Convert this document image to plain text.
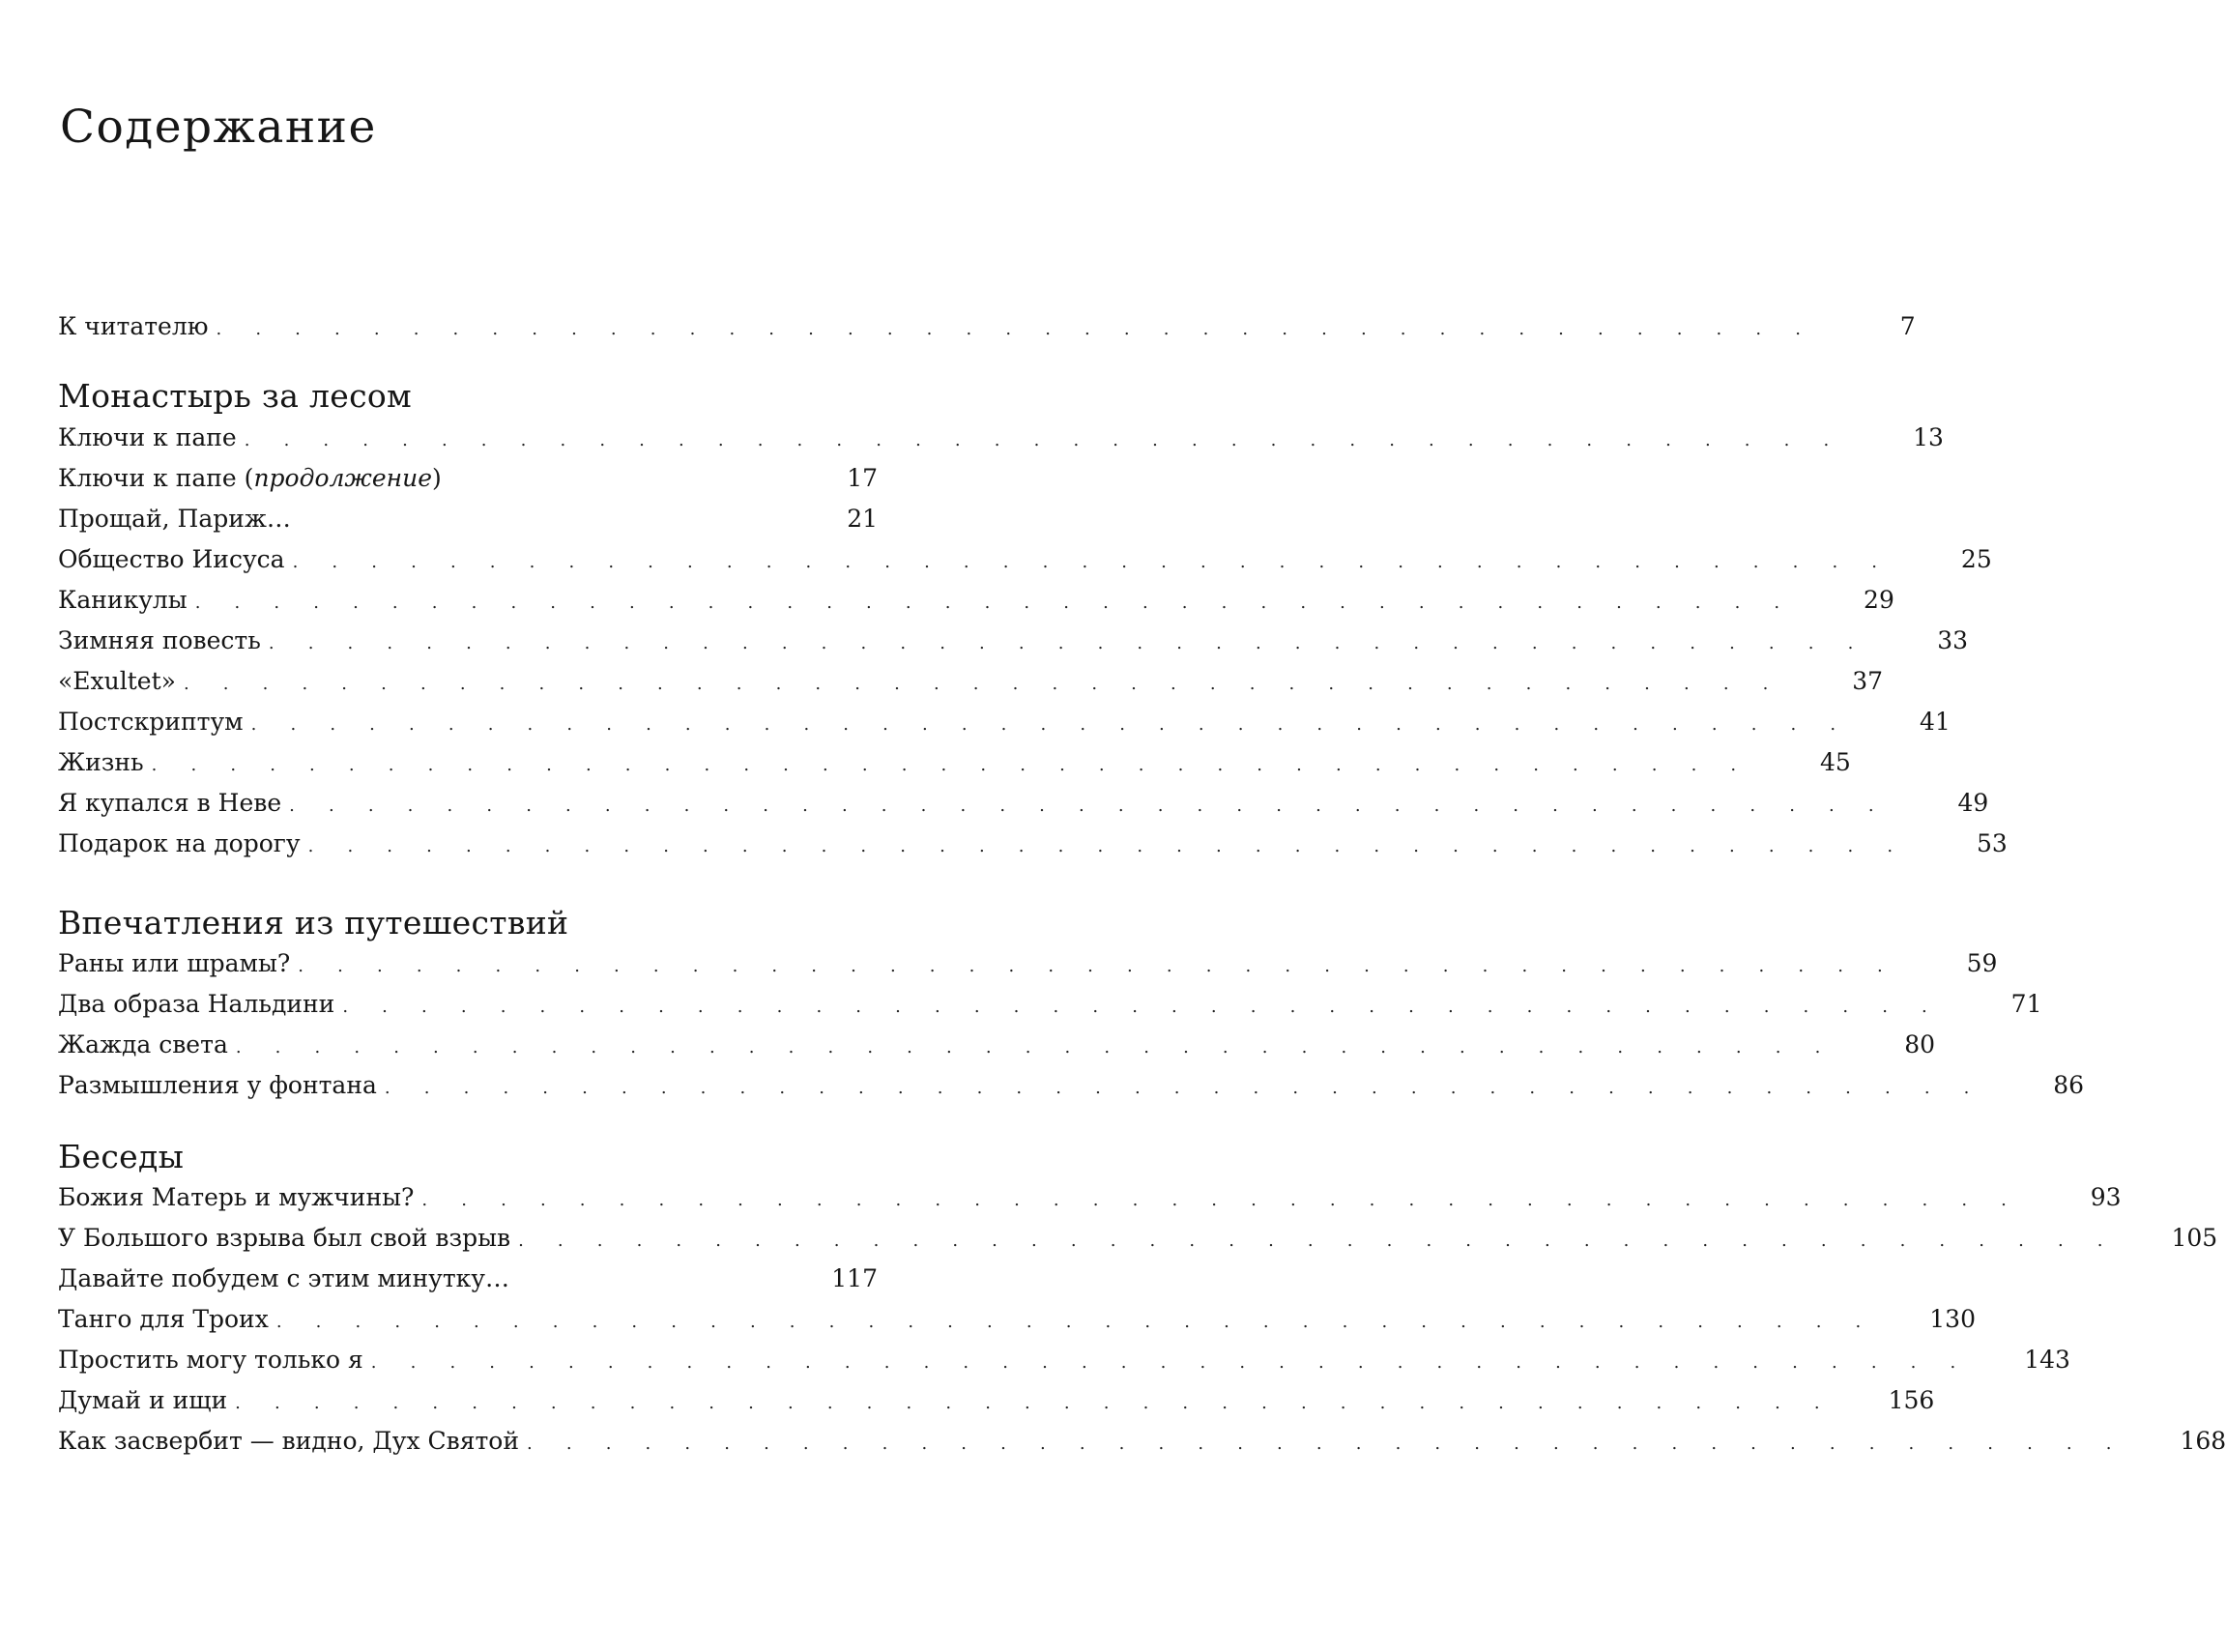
Содержание
К читателю . . . . . . . . . . . . . . . . . . . . . . . . . . . . . . . . . . . . . . . . .	7
Монастырь за лесом
Ключи к папе . . . . . . . . . . . . . . . . . . . . . . . . . . . . . . . . . . . . . . . . .	13
Ключи к папе (продолжение)	17
Прощай, Париж…	21
Общество Иисуса . . . . . . . . . . . . . . . . . . . . . . . . . . . . . . . . . . . . . . . . .	25
Каникулы . . . . . . . . . . . . . . . . . . . . . . . . . . . . . . . . . . . . . . . . .	29
Зимняя повесть . . . . . . . . . . . . . . . . . . . . . . . . . . . . . . . . . . . . . . . . .	33
«Exultet» . . . . . . . . . . . . . . . . . . . . . . . . . . . . . . . . . . . . . . . . .	37
Постскриптум . . . . . . . . . . . . . . . . . . . . . . . . . . . . . . . . . . . . . . . . .	41
Жизнь . . . . . . . . . . . . . . . . . . . . . . . . . . . . . . . . . . . . . . . . .	45
Я купался в Неве . . . . . . . . . . . . . . . . . . . . . . . . . . . . . . . . . . . . . . . . .	49
Подарок на дорогу . . . . . . . . . . . . . . . . . . . . . . . . . . . . . . . . . . . . . . . . .	53
Впечатления из путешествий
Раны или шрамы? . . . . . . . . . . . . . . . . . . . . . . . . . . . . . . . . . . . . . . . . .	59
Два образа Нальдини . . . . . . . . . . . . . . . . . . . . . . . . . . . . . . . . . . . . . . . . .	71
Жажда света . . . . . . . . . . . . . . . . . . . . . . . . . . . . . . . . . . . . . . . . .	80
Размышления у фонтана . . . . . . . . . . . . . . . . . . . . . . . . . . . . . . . . . . . . . . . . .	86
Беседы
Божия Матерь и мужчины? . . . . . . . . . . . . . . . . . . . . . . . . . . . . . . . . . . . . . . . . .	93
У Большого взрыва был свой взрыв . . . . . . . . . . . . . . . . . . . . . . . . . . . . . . . . . . . . . . . . . 105
Давайте побудем с этим минутку…	117
Танго для Троих . . . . . . . . . . . . . . . . . . . . . . . . . . . . . . . . . . . . . . . . . 130
Простить могу только я . . . . . . . . . . . . . . . . . . . . . . . . . . . . . . . . . . . . . . . . . 143
Думай и ищи . . . . . . . . . . . . . . . . . . . . . . . . . . . . . . . . . . . . . . . . . 156
Как засвербит — видно, Дух Святой . . . . . . . . . . . . . . . . . . . . . . . . . . . . . . . . . . . . . . . . . 168
